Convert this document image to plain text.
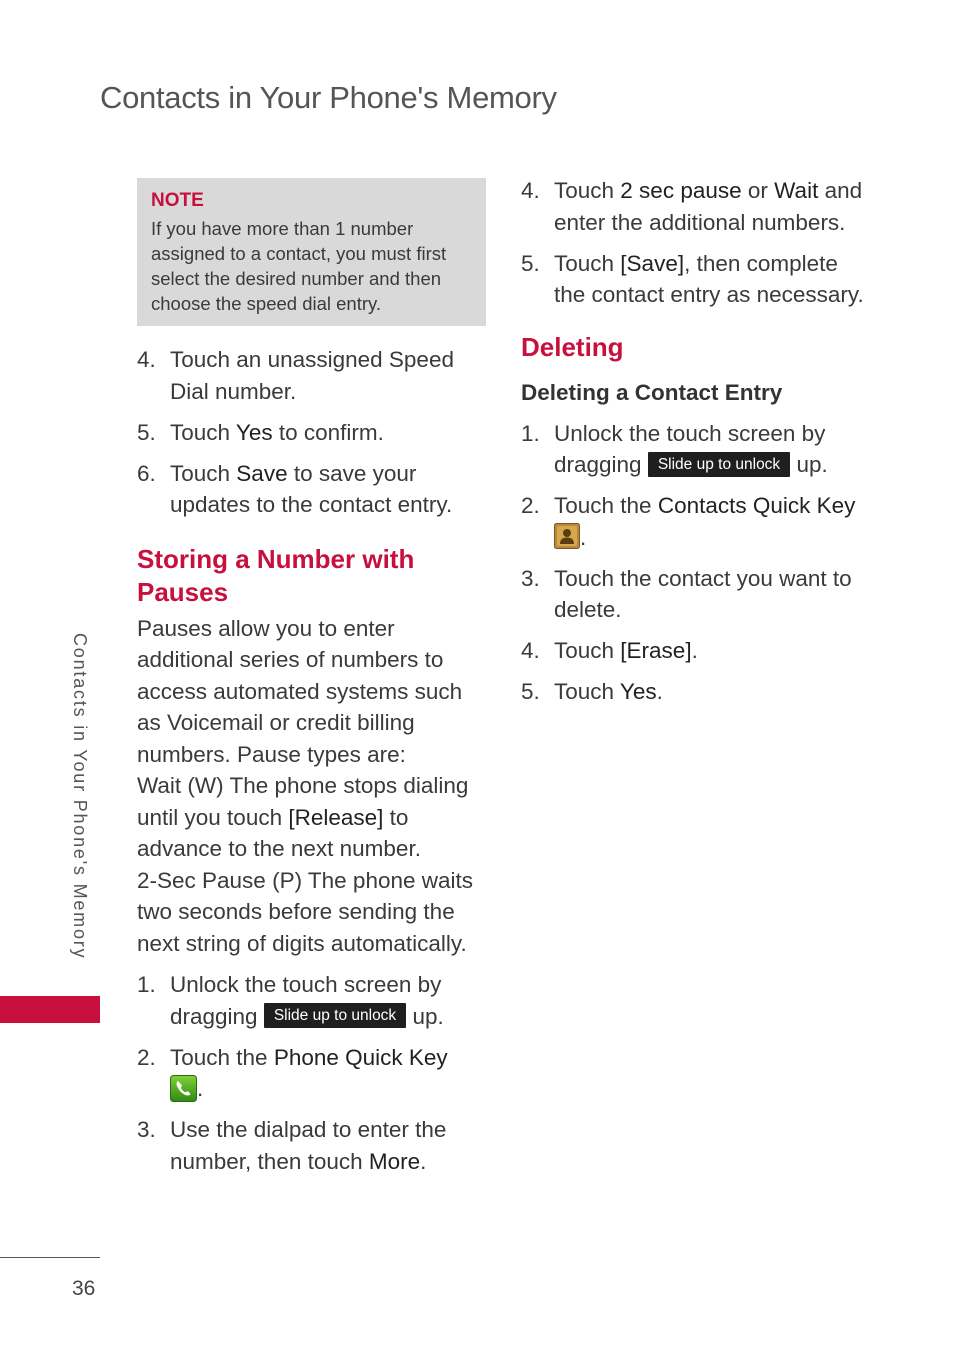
Contacts in Your Phone's Memory
Contacts in Your Phone's Memory
36
NOTE
If you have more than 1 number assigned to a contact, you must first select the desired number and then choose the speed dial entry.
4. Touch an unassigned Speed Dial number.
5. Touch Yes to confirm.
6. Touch Save to save your updates to the contact entry.
Storing a Number with
Pauses
Pauses allow you to enter additional series of numbers to access automated systems such as Voicemail or credit billing numbers. Pause types are:
Wait (W) The phone stops dialing until you touch [Release] to advance to the next number.
2-Sec Pause (P) The phone waits two seconds before sending the next string of digits automatically.
1. Unlock the touch screen by dragging Slide up to unlock up.
2. Touch the Phone Quick Key
.
3. Use the dialpad to enter the number, then touch More.
4. Touch 2 sec pause or Wait and enter the additional numbers.
5. Touch [Save], then complete the contact entry as necessary.
Deleting
Deleting a Contact Entry
1. Unlock the touch screen by dragging Slide up to unlock up.
2. Touch the Contacts Quick Key .
3. Touch the contact you want to delete.
4. Touch [Erase].
5. Touch Yes.
